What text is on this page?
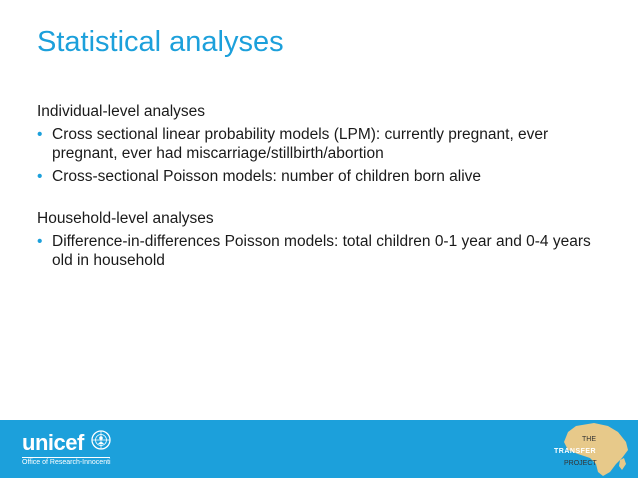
Statistical analyses
Individual-level analyses
• Cross sectional linear probability models (LPM): currently pregnant, ever pregnant, ever had miscarriage/stillbirth/abortion
• Cross-sectional Poisson models: number of children born alive
Household-level analyses
• Difference-in-differences Poisson models: total children 0-1 year and 0-4 years old in household
unicef
Office of Research-Innocenti
THE
TRANSFER
PROJECT
